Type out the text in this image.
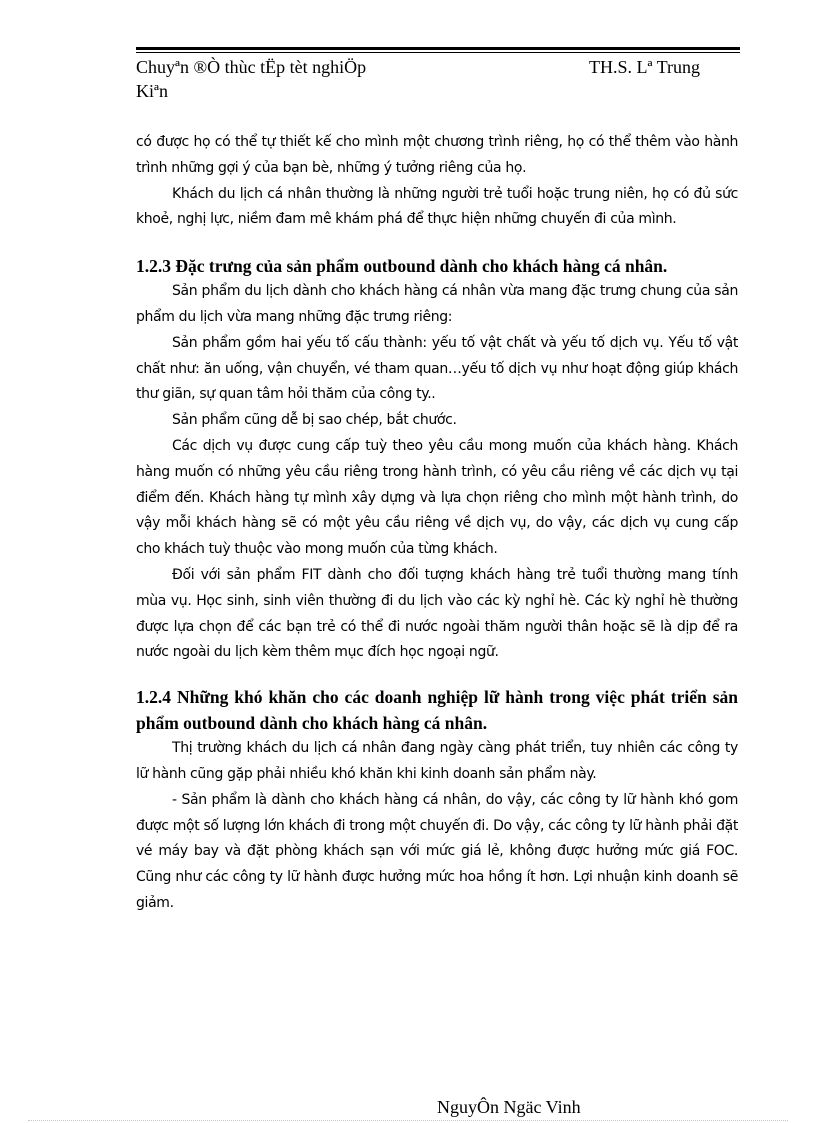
Chuyªn ®Ò thùc tËp tèt nghiÖp	TH.S. Lª Trung
Kiªn

có được họ có thể tự thiết kế cho mình một chương trình riêng, họ có thể thêm vào hành trình những gợi ý của bạn bè, những ý tưởng riêng của họ.

Khách du lịch cá nhân thường là những người trẻ tuổi hoặc trung niên, họ có đủ sức khoẻ, nghị lực, niềm đam mê khám phá để thực hiện những chuyến đi của mình.

1.2.3 Đặc trưng của sản phẩm outbound dành cho khách hàng cá nhân.

Sản phẩm du lịch dành cho khách hàng cá nhân vừa mang đặc trưng chung của sản phẩm du lịch vừa mang những đặc trưng riêng:

Sản phẩm gồm hai yếu tố cấu thành: yếu tố vật chất và yếu tố dịch vụ. Yếu tố vật chất như: ăn uống, vận chuyển, vé tham quan…yếu tố dịch vụ như hoạt động giúp khách thư giãn, sự quan tâm hỏi thăm của công ty..

Sản phẩm cũng dễ bị sao chép, bắt chước.

Các dịch vụ được cung cấp tuỳ theo yêu cầu mong muốn của khách hàng. Khách hàng muốn có những yêu cầu riêng trong hành trình, có yêu cầu riêng về các dịch vụ tại điểm đến. Khách hàng tự mình xây dựng và lựa chọn riêng cho mình một hành trình, do vậy mỗi khách hàng sẽ có một yêu cầu riêng về dịch vụ, do vậy, các dịch vụ cung cấp cho khách tuỳ thuộc vào mong muốn của từng khách.

Đối với sản phẩm FIT dành cho đối tượng khách hàng trẻ tuổi thường mang tính mùa vụ. Học sinh, sinh viên thường đi du lịch vào các kỳ nghỉ hè. Các kỳ nghỉ hè thường được lựa chọn để các bạn trẻ có thể đi nước ngoài thăm người thân hoặc sẽ là dịp để ra nước ngoài du lịch kèm thêm mục đích học ngoại ngữ.

1.2.4 Những khó khăn cho các doanh nghiệp lữ hành trong việc phát triển sản phẩm outbound dành cho khách hàng cá nhân.

Thị trường khách du lịch cá nhân đang ngày càng phát triển, tuy nhiên các công ty lữ hành cũng gặp phải nhiều khó khăn khi kinh doanh sản phẩm này.

- Sản phẩm là dành cho khách hàng cá nhân, do vậy, các công ty lữ hành khó gom được một số lượng lớn khách đi trong một chuyến đi. Do vậy, các công ty lữ hành phải đặt vé máy bay và đặt phòng khách sạn với mức giá lẻ, không được hưởng mức giá FOC. Cũng như các công ty lữ hành được hưởng mức hoa hồng ít hơn. Lợi nhuận kinh doanh sẽ giảm.

NguyÔn Ngäc Vinh
